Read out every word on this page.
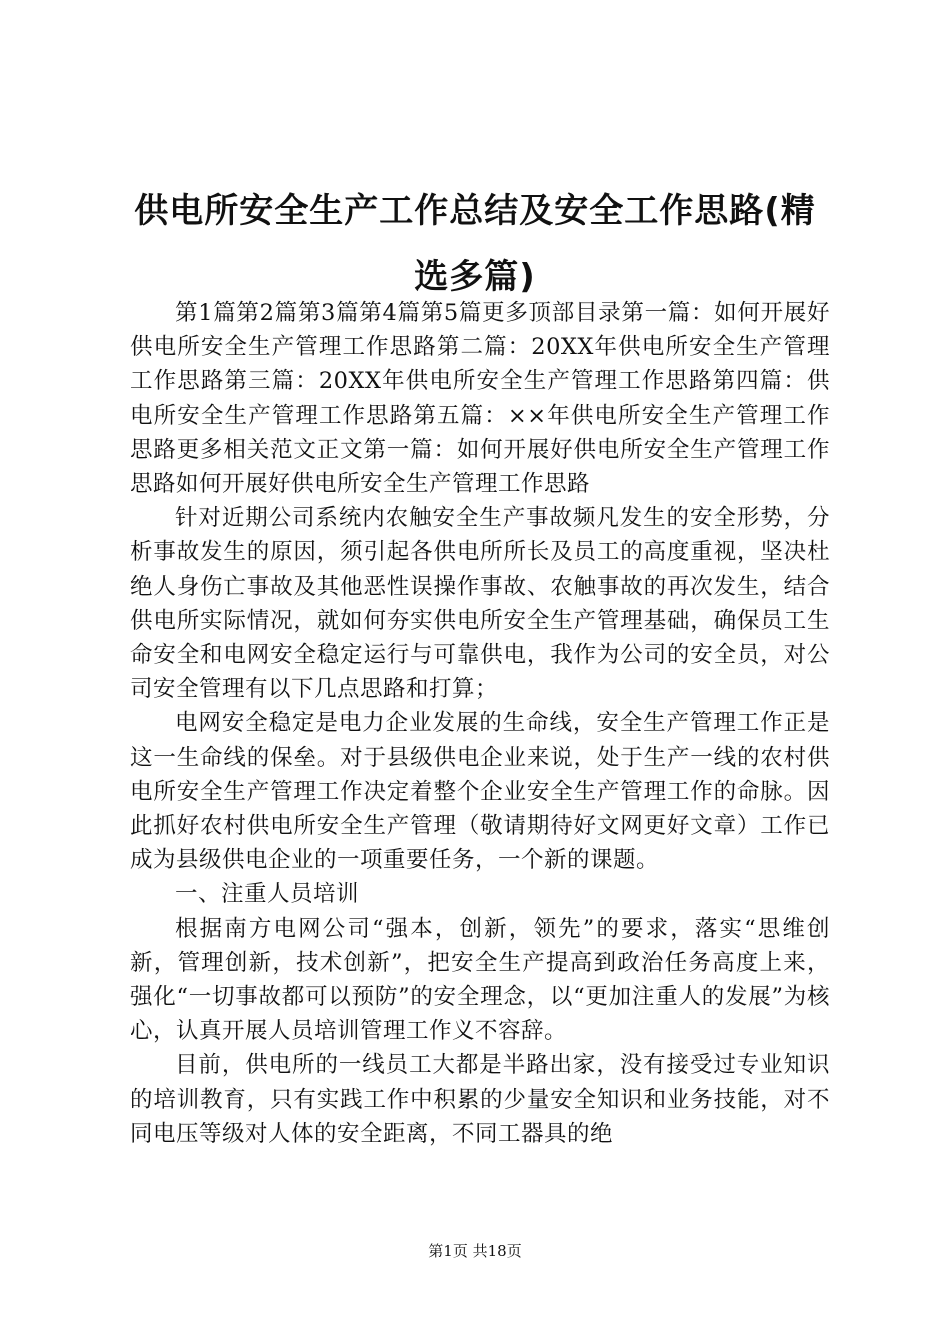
供电所安全生产工作总结及安全工作思路(精选多篇)

第1篇第2篇第3篇第4篇第5篇更多顶部目录第一篇：如何开展好供电所安全生产管理工作思路第二篇：20XX年供电所安全生产管理工作思路第三篇：20XX年供电所安全生产管理工作思路第四篇：供电所安全生产管理工作思路第五篇：××年供电所安全生产管理工作思路更多相关范文正文第一篇：如何开展好供电所安全生产管理工作思路如何开展好供电所安全生产管理工作思路

针对近期公司系统内农触安全生产事故频凡发生的安全形势，分析事故发生的原因，须引起各供电所所长及员工的高度重视，坚决杜绝人身伤亡事故及其他恶性误操作事故、农触事故的再次发生，结合供电所实际情况，就如何夯实供电所安全生产管理基础，确保员工生命安全和电网安全稳定运行与可靠供电，我作为公司的安全员，对公司安全管理有以下几点思路和打算；

电网安全稳定是电力企业发展的生命线，安全生产管理工作正是这一生命线的保垒。对于县级供电企业来说，处于生产一线的农村供电所安全生产管理工作决定着整个企业安全生产管理工作的命脉。因此抓好农村供电所安全生产管理（敬请期待好文网更好文章）工作已成为县级供电企业的一项重要任务，一个新的课题。

一、注重人员培训

根据南方电网公司“强本，创新，领先”的要求，落实“思维创新，管理创新，技术创新”，把安全生产提高到政治任务高度上来，强化“一切事故都可以预防”的安全理念，以“更加注重人的发展”为核心，认真开展人员培训管理工作义不容辞。

目前，供电所的一线员工大都是半路出家，没有接受过专业知识的培训教育，只有实践工作中积累的少量安全知识和业务技能，对不同电压等级对人体的安全距离，不同工器具的绝

第1页 共18页
